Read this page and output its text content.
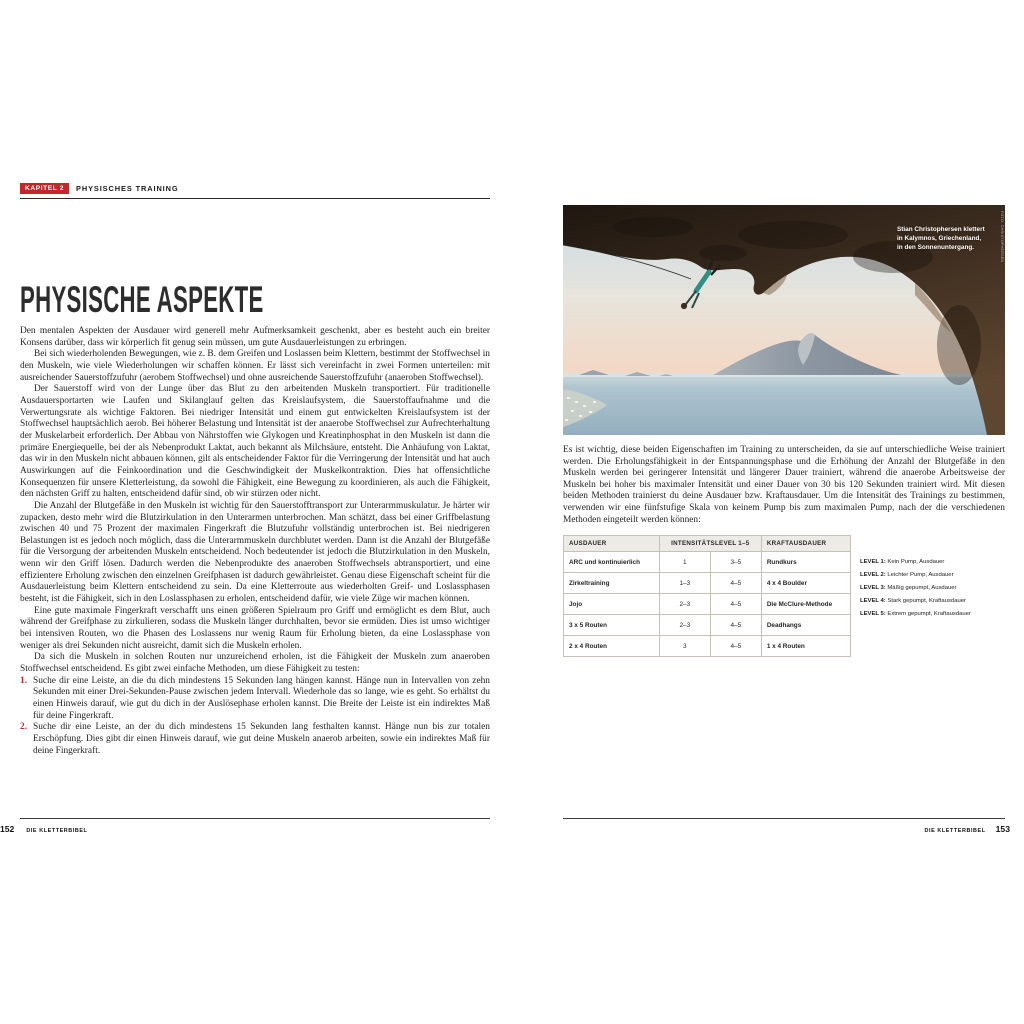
KAPITEL 2	PHYSISCHES TRAINING
PHYSISCHE ASPEKTE

Den mentalen Aspekten der Ausdauer wird generell mehr Aufmerksamkeit geschenkt, aber es besteht auch ein breiter Konsens darüber, dass wir körperlich fit genug sein müssen, um gute Ausdauerleistungen zu erbringen.

Bei sich wiederholenden Bewegungen, wie z. B. dem Greifen und Loslassen beim Klettern, bestimmt der Stoffwechsel in den Muskeln, wie viele Wiederholungen wir schaffen können. Er lässt sich vereinfacht in zwei Formen unterteilen: mit ausreichender Sauerstoffzufuhr (aerobem Stoffwechsel) und ohne ausreichende Sauerstoffzufuhr (anaeroben Stoffwechsel).

Der Sauerstoff wird von der Lunge über das Blut zu den arbeitenden Muskeln transportiert. Für traditionelle Ausdauersportarten wie Laufen und Skilanglauf gelten das Kreislaufsystem, die Sauerstoffaufnahme und die Verwertungsrate als wichtige Faktoren. Bei niedriger Intensität und einem gut entwickelten Kreislaufsystem ist der Stoffwechsel hauptsächlich aerob. Bei höherer Belastung und Intensität ist der anaerobe Stoffwechsel zur Aufrechterhaltung der Muskelarbeit erforderlich. Der Abbau von Nährstoffen wie Glykogen und Kreatinphosphat in den Muskeln ist dann die primäre Energiequelle, bei der als Nebenprodukt Laktat, auch bekannt als Milchsäure, entsteht. Die Anhäufung von Laktat, das wir in den Muskeln nicht abbauen können, gilt als entscheidender Faktor für die Verringerung der Intensität und hat auch Auswirkungen auf die Feinkoordination und die Geschwindigkeit der Muskelkontraktion. Dies hat offensichtliche Konsequenzen für unsere Kletterleistung, da sowohl die Fähigkeit, eine Bewegung zu koordinieren, als auch die Fähigkeit, den nächsten Griff zu halten, entscheidend dafür sind, ob wir stürzen oder nicht.

Die Anzahl der Blutgefäße in den Muskeln ist wichtig für den Sauerstofftransport zur Unterarmmuskulatur. Je härter wir zupacken, desto mehr wird die Blutzirkulation in den Unterarmen unterbrochen. Man schätzt, dass bei einer Griffbelastung zwischen 40 und 75 Prozent der maximalen Fingerkraft die Blutzufuhr vollständig unterbrochen ist. Bei niedrigeren Belastungen ist es jedoch noch möglich, dass die Unterarmmuskeln durchblutet werden. Dann ist die Anzahl der Blutgefäße für die Versorgung der arbeitenden Muskeln entscheidend. Noch bedeutender ist jedoch die Blutzirkulation in den Muskeln, wenn wir den Griff lösen. Dadurch werden die Nebenprodukte des anaeroben Stoffwechsels abtransportiert, und eine effizientere Erholung zwischen den einzelnen Greifphasen ist dadurch gewährleistet. Genau diese Eigenschaft scheint für die Ausdauerleistung beim Klettern entscheidend zu sein. Da eine Kletterroute aus wiederholten Greif- und Loslassphasen besteht, ist die Fähigkeit, sich in den Loslassphasen zu erholen, entscheidend dafür, wie viele Züge wir machen können.

Eine gute maximale Fingerkraft verschafft uns einen größeren Spielraum pro Griff und ermöglicht es dem Blut, auch während der Greifphase zu zirkulieren, sodass die Muskeln länger durchhalten, bevor sie ermüden. Dies ist umso wichtiger bei intensiven Routen, wo die Phasen des Loslassens nur wenig Raum für Erholung bieten, da eine Loslassphase von weniger als drei Sekunden nicht ausreicht, damit sich die Muskeln erholen.

Da sich die Muskeln in solchen Routen nur unzureichend erholen, ist die Fähigkeit der Muskeln zum anaeroben Stoffwechsel entscheidend. Es gibt zwei einfache Methoden, um diese Fähigkeit zu testen:

1. Suche dir eine Leiste, an die du dich mindestens 15 Sekunden lang hängen kannst. Hänge nun in Intervallen von zehn Sekunden mit einer Drei-Sekunden-Pause zwischen jedem Intervall. Wiederhole das so lange, wie es geht. So erhältst du einen Hinweis darauf, wie gut du dich in der Auslösephase erholen kannst. Die Breite der Leiste ist ein indirektes Maß für deine Fingerkraft.
2. Suche dir eine Leiste, an der du dich mindestens 15 Sekunden lang festhalten kannst. Hänge nun bis zur totalen Erschöpfung. Dies gibt dir einen Hinweis darauf, wie gut deine Muskeln anaerob arbeiten, sowie ein indirektes Maß für deine Fingerkraft.
Stian Christophersen klettert
in Kalymnos, Griechenland,
in den Sonnenuntergang.	FOTO: CHRISTOPHERSEN

Es ist wichtig, diese beiden Eigenschaften im Training zu unterscheiden, da sie auf unterschiedliche Weise trainiert werden. Die Erholungsfähigkeit in der Entspannungsphase und die Erhöhung der Anzahl der Blutgefäße in den Muskeln werden bei geringerer Intensität und längerer Dauer trainiert, während die anaerobe Arbeitsweise der Muskeln bei hoher bis maximaler Intensität und einer Dauer von 30 bis 120 Sekunden trainiert wird. Mit diesen beiden Methoden trainierst du deine Ausdauer bzw. Kraftausdauer. Um die Intensität des Trainings zu bestimmen, verwenden wir eine fünfstufige Skala von keinem Pump bis zum maximalen Pump, nach der die verschiedenen Methoden eingeteilt werden können:

AUSDAUER	INTENSITÄTSLEVEL 1–5		KRAFTAUSDAUER
ARC und kontinuierlich	1	3–5	Rundkurs
Zirkeltraining	1–3	4–5	4 x 4 Boulder
Jojo	2–3	4–5	Die McClure-Methode
3 x 5 Routen	2–3	4–5	Deadhangs
2 x 4 Routen	3	4–5	1 x 4 Routen
LEVEL 1: Kein Pump, Ausdauer
LEVEL 2: Leichter Pump, Ausdauer
LEVEL 3: Mäßig gepumpt, Ausdauer
LEVEL 4: Stark gepumpt, Kraftausdauer
LEVEL 5: Extrem gepumpt, Kraftausdauer
152 DIE KLETTERBIBEL	DIE KLETTERBIBEL 153
